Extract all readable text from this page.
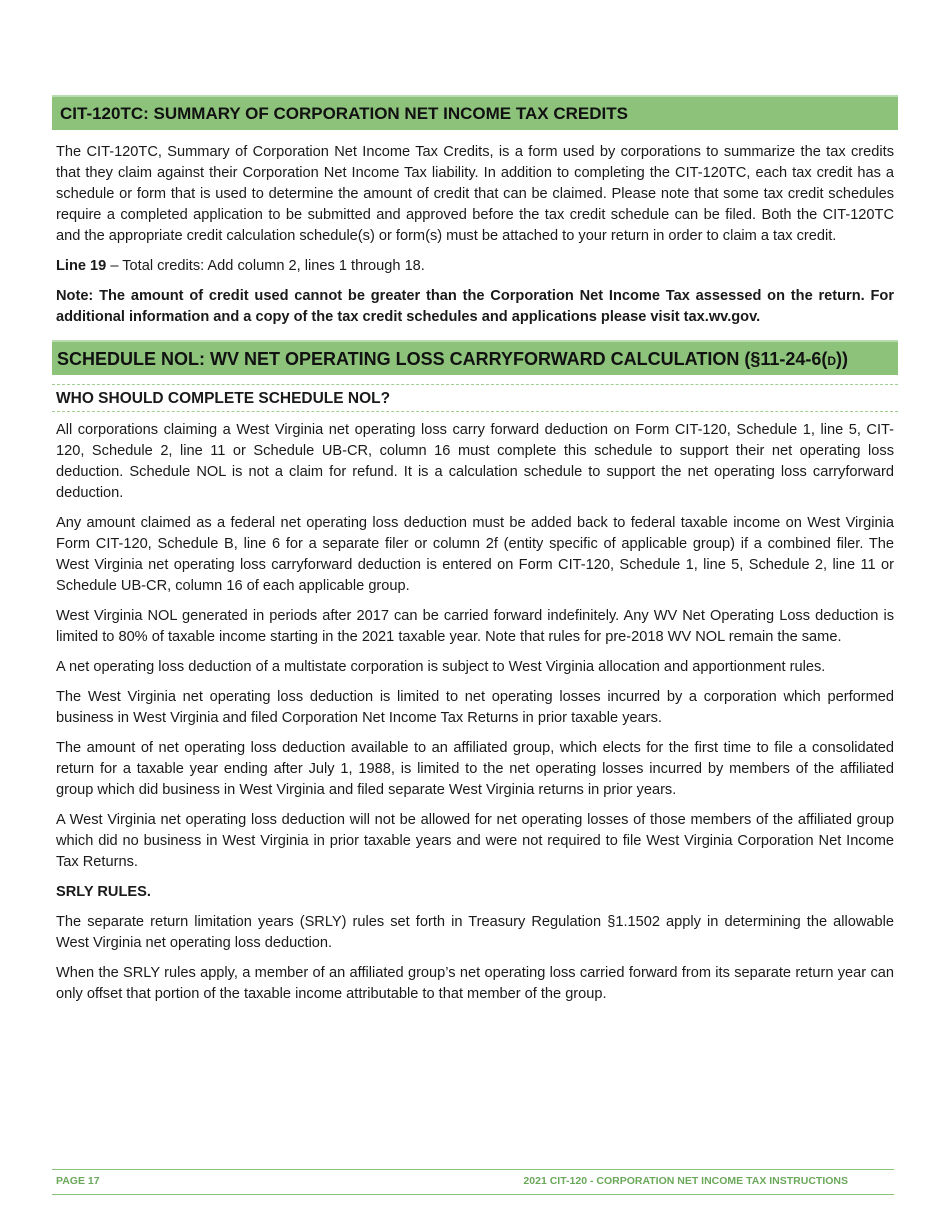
CIT-120TC: SUMMARY OF CORPORATION NET INCOME TAX CREDITS

The CIT-120TC, Summary of Corporation Net Income Tax Credits, is a form used by corporations to summarize the tax credits that they claim against their Corporation Net Income Tax liability. In addition to completing the CIT-120TC, each tax credit has a schedule or form that is used to determine the amount of credit that can be claimed. Please note that some tax credit schedules require a completed application to be submitted and approved before the tax credit schedule can be filed. Both the CIT-120TC and the appropriate credit calculation schedule(s) or form(s) must be attached to your return in order to claim a tax credit.

Line 19 – Total credits: Add column 2, lines 1 through 18.

Note: The amount of credit used cannot be greater than the Corporation Net Income Tax assessed on the return. For additional information and a copy of the tax credit schedules and applications please visit tax.wv.gov.

SCHEDULE NOL: WV NET OPERATING LOSS CARRYFORWARD CALCULATION (§11-24-6(D))
WHO SHOULD COMPLETE SCHEDULE NOL?

All corporations claiming a West Virginia net operating loss carry forward deduction on Form CIT-120, Schedule 1, line 5, CIT-120, Schedule 2, line 11 or Schedule UB-CR, column 16 must complete this schedule to support their net operating loss deduction. Schedule NOL is not a claim for refund. It is a calculation schedule to support the net operating loss carryforward deduction.

Any amount claimed as a federal net operating loss deduction must be added back to federal taxable income on West Virginia Form CIT-120, Schedule B, line 6 for a separate filer or column 2f (entity specific of applicable group) if a combined filer. The West Virginia net operating loss carryforward deduction is entered on Form CIT-120, Schedule 1, line 5, Schedule 2, line 11 or Schedule UB-CR, column 16 of each applicable group.

West Virginia NOL generated in periods after 2017 can be carried forward indefinitely. Any WV Net Operating Loss deduction is limited to 80% of taxable income starting in the 2021 taxable year. Note that rules for pre-2018 WV NOL remain the same.

A net operating loss deduction of a multistate corporation is subject to West Virginia allocation and apportionment rules.

The West Virginia net operating loss deduction is limited to net operating losses incurred by a corporation which performed business in West Virginia and filed Corporation Net Income Tax Returns in prior taxable years.

The amount of net operating loss deduction available to an affiliated group, which elects for the first time to file a consolidated return for a taxable year ending after July 1, 1988, is limited to the net operating losses incurred by members of the affiliated group which did business in West Virginia and filed separate West Virginia returns in prior years.

A West Virginia net operating loss deduction will not be allowed for net operating losses of those members of the affiliated group which did no business in West Virginia in prior taxable years and were not required to file West Virginia Corporation Net Income Tax Returns.

SRLY RULES.

The separate return limitation years (SRLY) rules set forth in Treasury Regulation §1.1502 apply in determining the allowable West Virginia net operating loss deduction.

When the SRLY rules apply, a member of an affiliated group’s net operating loss carried forward from its separate return year can only offset that portion of the taxable income attributable to that member of the group.

PAGE 17	2021 CIT-120 - CORPORATION NET INCOME TAX INSTRUCTIONS
